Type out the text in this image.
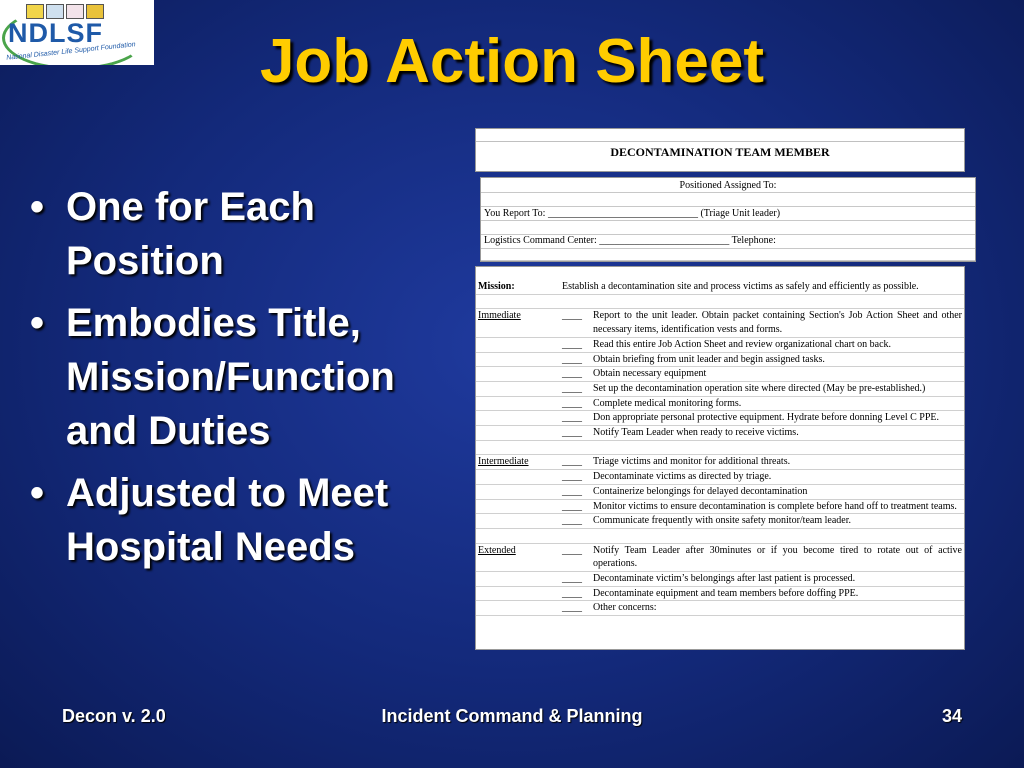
NDLSF
National Disaster Life Support Foundation	Job Action Sheet
• One for Each Position
• Embodies Title, Mission/Function and Duties
• Adjusted to Meet Hospital Needs
DECONTAMINATION TEAM MEMBER
Positioned Assigned To:
You Report To: ______________________________ (Triage Unit leader)
Logistics Command Center: __________________________ Telephone:
Mission:	Establish a decontamination site and process victims as safely and efficiently as possible.
Immediate	____	Report to the unit leader. Obtain packet containing Section's Job Action Sheet and other necessary items, identification vests and forms.
____	Read this entire Job Action Sheet and review organizational chart on back.
____	Obtain briefing from unit leader and begin assigned tasks.
____	Obtain necessary equipment
____	Set up the decontamination operation site where directed (May be pre-established.)
____	Complete medical monitoring forms.
____	Don appropriate personal protective equipment. Hydrate before donning Level C PPE.
____	Notify Team Leader when ready to receive victims.
Intermediate	____	Triage victims and monitor for additional threats.
____	Decontaminate victims as directed by triage.
____	Containerize belongings for delayed decontamination
____	Monitor victims to ensure decontamination is complete before hand off to treatment teams.
____	Communicate frequently with onsite safety monitor/team leader.
Extended	____	Notify Team Leader after 30minutes or if you become tired to rotate out of active operations.
____	Decontaminate victim’s belongings after last patient is processed.
____	Decontaminate equipment and team members before doffing PPE.
____	Other concerns:
Decon v. 2.0	Incident Command & Planning	34
